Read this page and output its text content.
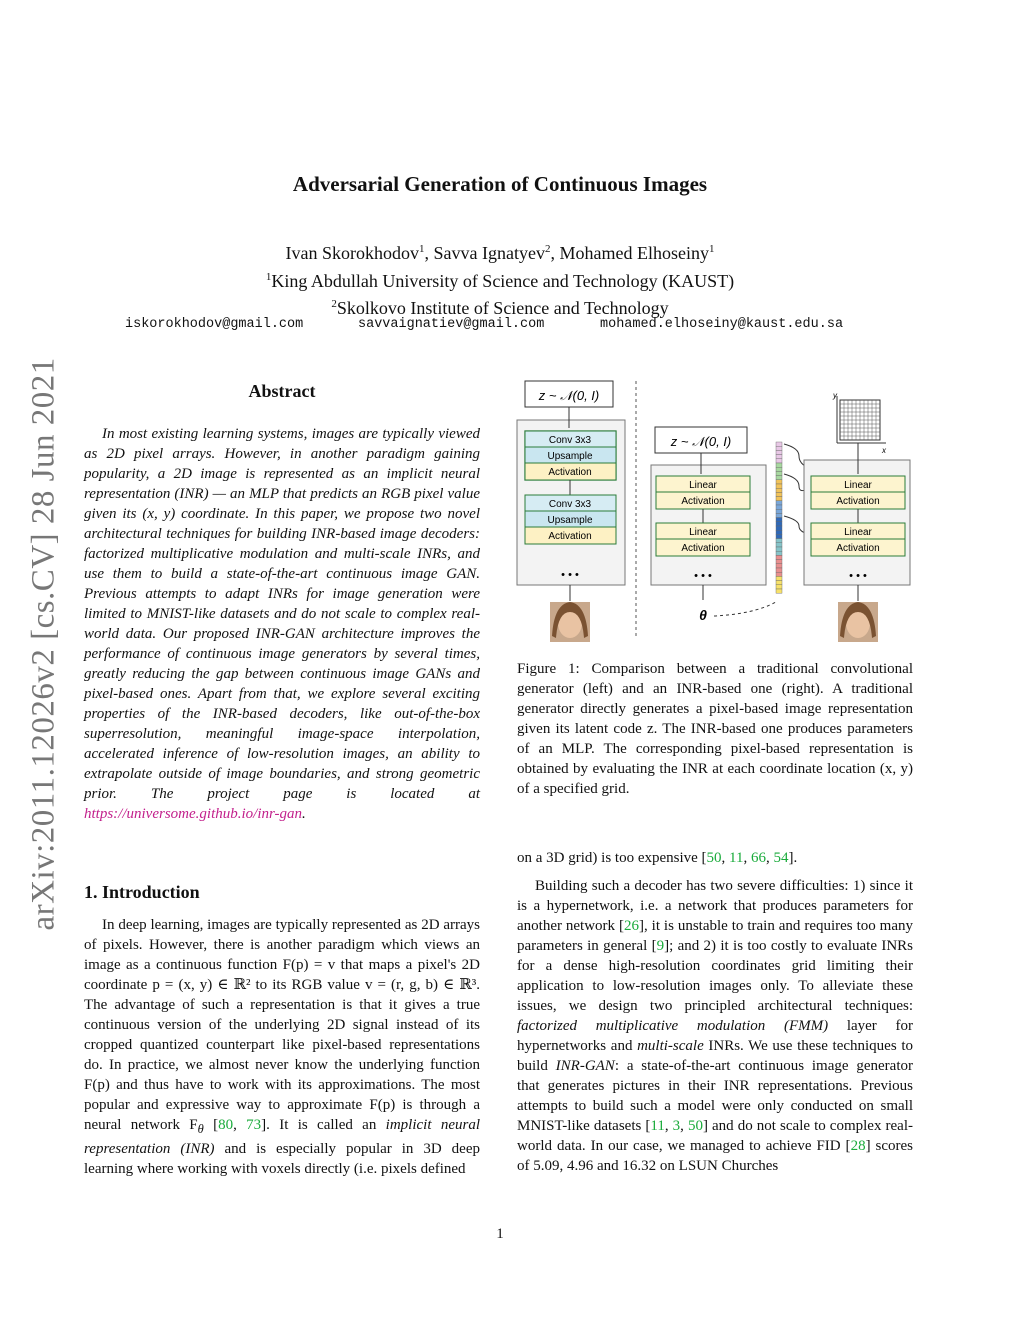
arXiv:2011.12026v2 [cs.CV] 28 Jun 2021
Adversarial Generation of Continuous Images
Ivan Skorokhodov$^1$, Savva Ignatyev$^2$, Mohamed Elhoseiny$^1$
$^1$King Abdullah University of Science and Technology (KAUST)
$^2$Skolkovo Institute of Science and Technology
iskorokhodov@gmail.com	savvaignatiev@gmail.com	mohamed.elhoseiny@kaust.edu.sa
Abstract
In most existing learning systems, images are typically viewed as 2D pixel arrays. However, in another paradigm gaining popularity, a 2D image is represented as an implicit neural representation (INR) — an MLP that predicts an RGB pixel value given its (x, y) coordinate. In this paper, we propose two novel architectural techniques for building INR-based image decoders: factorized multiplicative modulation and multi-scale INRs, and use them to build a state-of-the-art continuous image GAN. Previous attempts to adapt INRs for image generation were limited to MNIST-like datasets and do not scale to complex real-world data. Our proposed INR-GAN architecture improves the performance of continuous image generators by several times, greatly reducing the gap between continuous image GANs and pixel-based ones. Apart from that, we explore several exciting properties of the INR-based decoders, like out-of-the-box superresolution, meaningful image-space interpolation, accelerated inference of low-resolution images, an ability to extrapolate outside of image boundaries, and strong geometric prior. The project page is located at https://universome.github.io/inr-gan.
1. Introduction
In deep learning, images are typically represented as 2D arrays of pixels. However, there is another paradigm which views an image as a continuous function F(p) = v that maps a pixel's 2D coordinate p = (x, y) ∈ ℝ² to its RGB value v = (r, g, b) ∈ ℝ³. The advantage of such a representation is that it gives a true continuous version of the underlying 2D signal instead of its cropped quantized counterpart like pixel-based representations do. In practice, we almost never know the underlying function F(p) and thus have to work with its approximations. The most popular and expressive way to approximate F(p) is through a neural network $F_\theta$ [80, 73]. It is called an implicit neural representation (INR) and is especially popular in 3D deep learning where working with voxels directly (i.e. pixels defined
z ~ 𝒩(0, I)
Conv 3x3
Upsample
Activation
Conv 3x3
Upsample
Activation
• • •
z ~ 𝒩(0, I)
Linear
Activation
Linear
Activation
• • •
θ
y
x
Linear
Activation
Linear
Activation
• • •
Figure 1: Comparison between a traditional convolutional generator (left) and an INR-based one (right). A traditional generator directly generates a pixel-based image representation given its latent code z. The INR-based one produces parameters of an MLP. The corresponding pixel-based representation is obtained by evaluating the INR at each coordinate location (x, y) of a specified grid.
on a 3D grid) is too expensive [50, 11, 66, 54].
Building such a decoder has two severe difficulties: 1) since it is a hypernetwork, i.e. a network that produces parameters for another network [26], it is unstable to train and requires too many parameters in general [9]; and 2) it is too costly to evaluate INRs for a dense high-resolution coordinates grid limiting their application to low-resolution images only. To alleviate these issues, we design two principled architectural techniques: factorized multiplicative modulation (FMM) layer for hypernetworks and multi-scale INRs. We use these techniques to build INR-GAN: a state-of-the-art continuous image generator that generates pictures in their INR representations. Previous attempts to build such a model were only conducted on small MNIST-like datasets [11, 3, 50] and do not scale to complex real-world data. In our case, we managed to achieve FID [28] scores of 5.09, 4.96 and 16.32 on LSUN Churches
1
